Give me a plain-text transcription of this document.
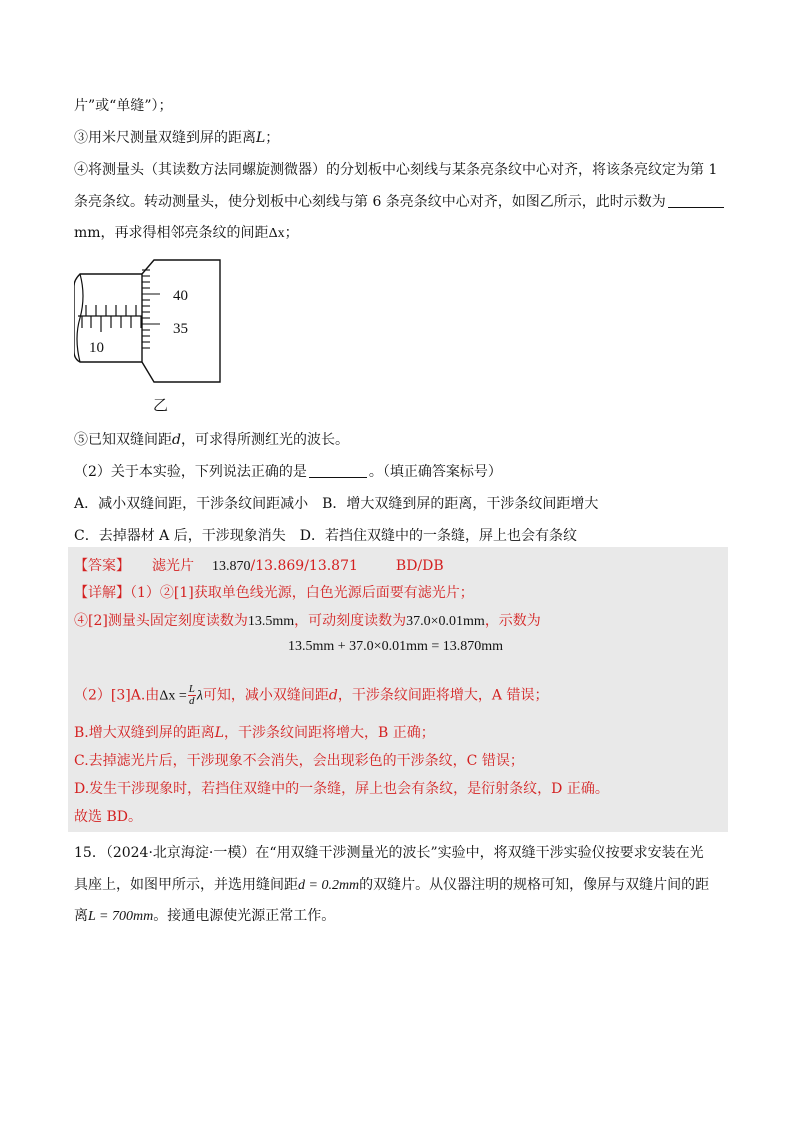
片”或“单缝”）；
③用米尺测量双缝到屏的距离L；
④将测量头（其读数方法同螺旋测微器）的分划板中心刻线与某条亮条纹中心对齐，将该条亮纹定为第 1
条亮条纹。转动测量头，使分划板中心刻线与第 6 条亮条纹中心对齐，如图乙所示，此时示数为
mm，再求得相邻亮条纹的间距Δx；
10
40
35
乙
⑤已知双缝间距d，可求得所测红光的波长。
（2）关于本实验，下列说法正确的是	。（填正确答案标号）
A．减小双缝间距，干涉条纹间距减小　B．增大双缝到屏的距离，干涉条纹间距增大
C．去掉器材 A 后，干涉现象消失　D．若挡住双缝中的一条缝，屏上也会有条纹
【答案】 滤光片 13.870/13.869/13.871	BD/DB
【详解】（1）②[1]获取单色线光源，白色光源后面要有滤光片；
④[2]测量头固定刻度读数为13.5mm，可动刻度读数为37.0×0.01mm，示数为
13.5mm + 37.0×0.01mm = 13.870mm
（2）[3]A.由$\Delta x = \frac{L}{d}$ λ可知，减小双缝间距d，干涉条纹间距将增大，A 错误；
B.增大双缝到屏的距离L，干涉条纹间距将增大，B 正确；
C.去掉滤光片后，干涉现象不会消失，会出现彩色的干涉条纹，C 错误；
D.发生干涉现象时，若挡住双缝中的一条缝，屏上也会有条纹，是衍射条纹，D 正确。
故选 BD。
15．（2024·北京海淀·一模）在“用双缝干涉测量光的波长”实验中，将双缝干涉实验仪按要求安装在光
具座上，如图甲所示，并选用缝间距d = 0.2mm的双缝片。从仪器注明的规格可知，像屏与双缝片间的距
离L = 700mm。接通电源使光源正常工作。
